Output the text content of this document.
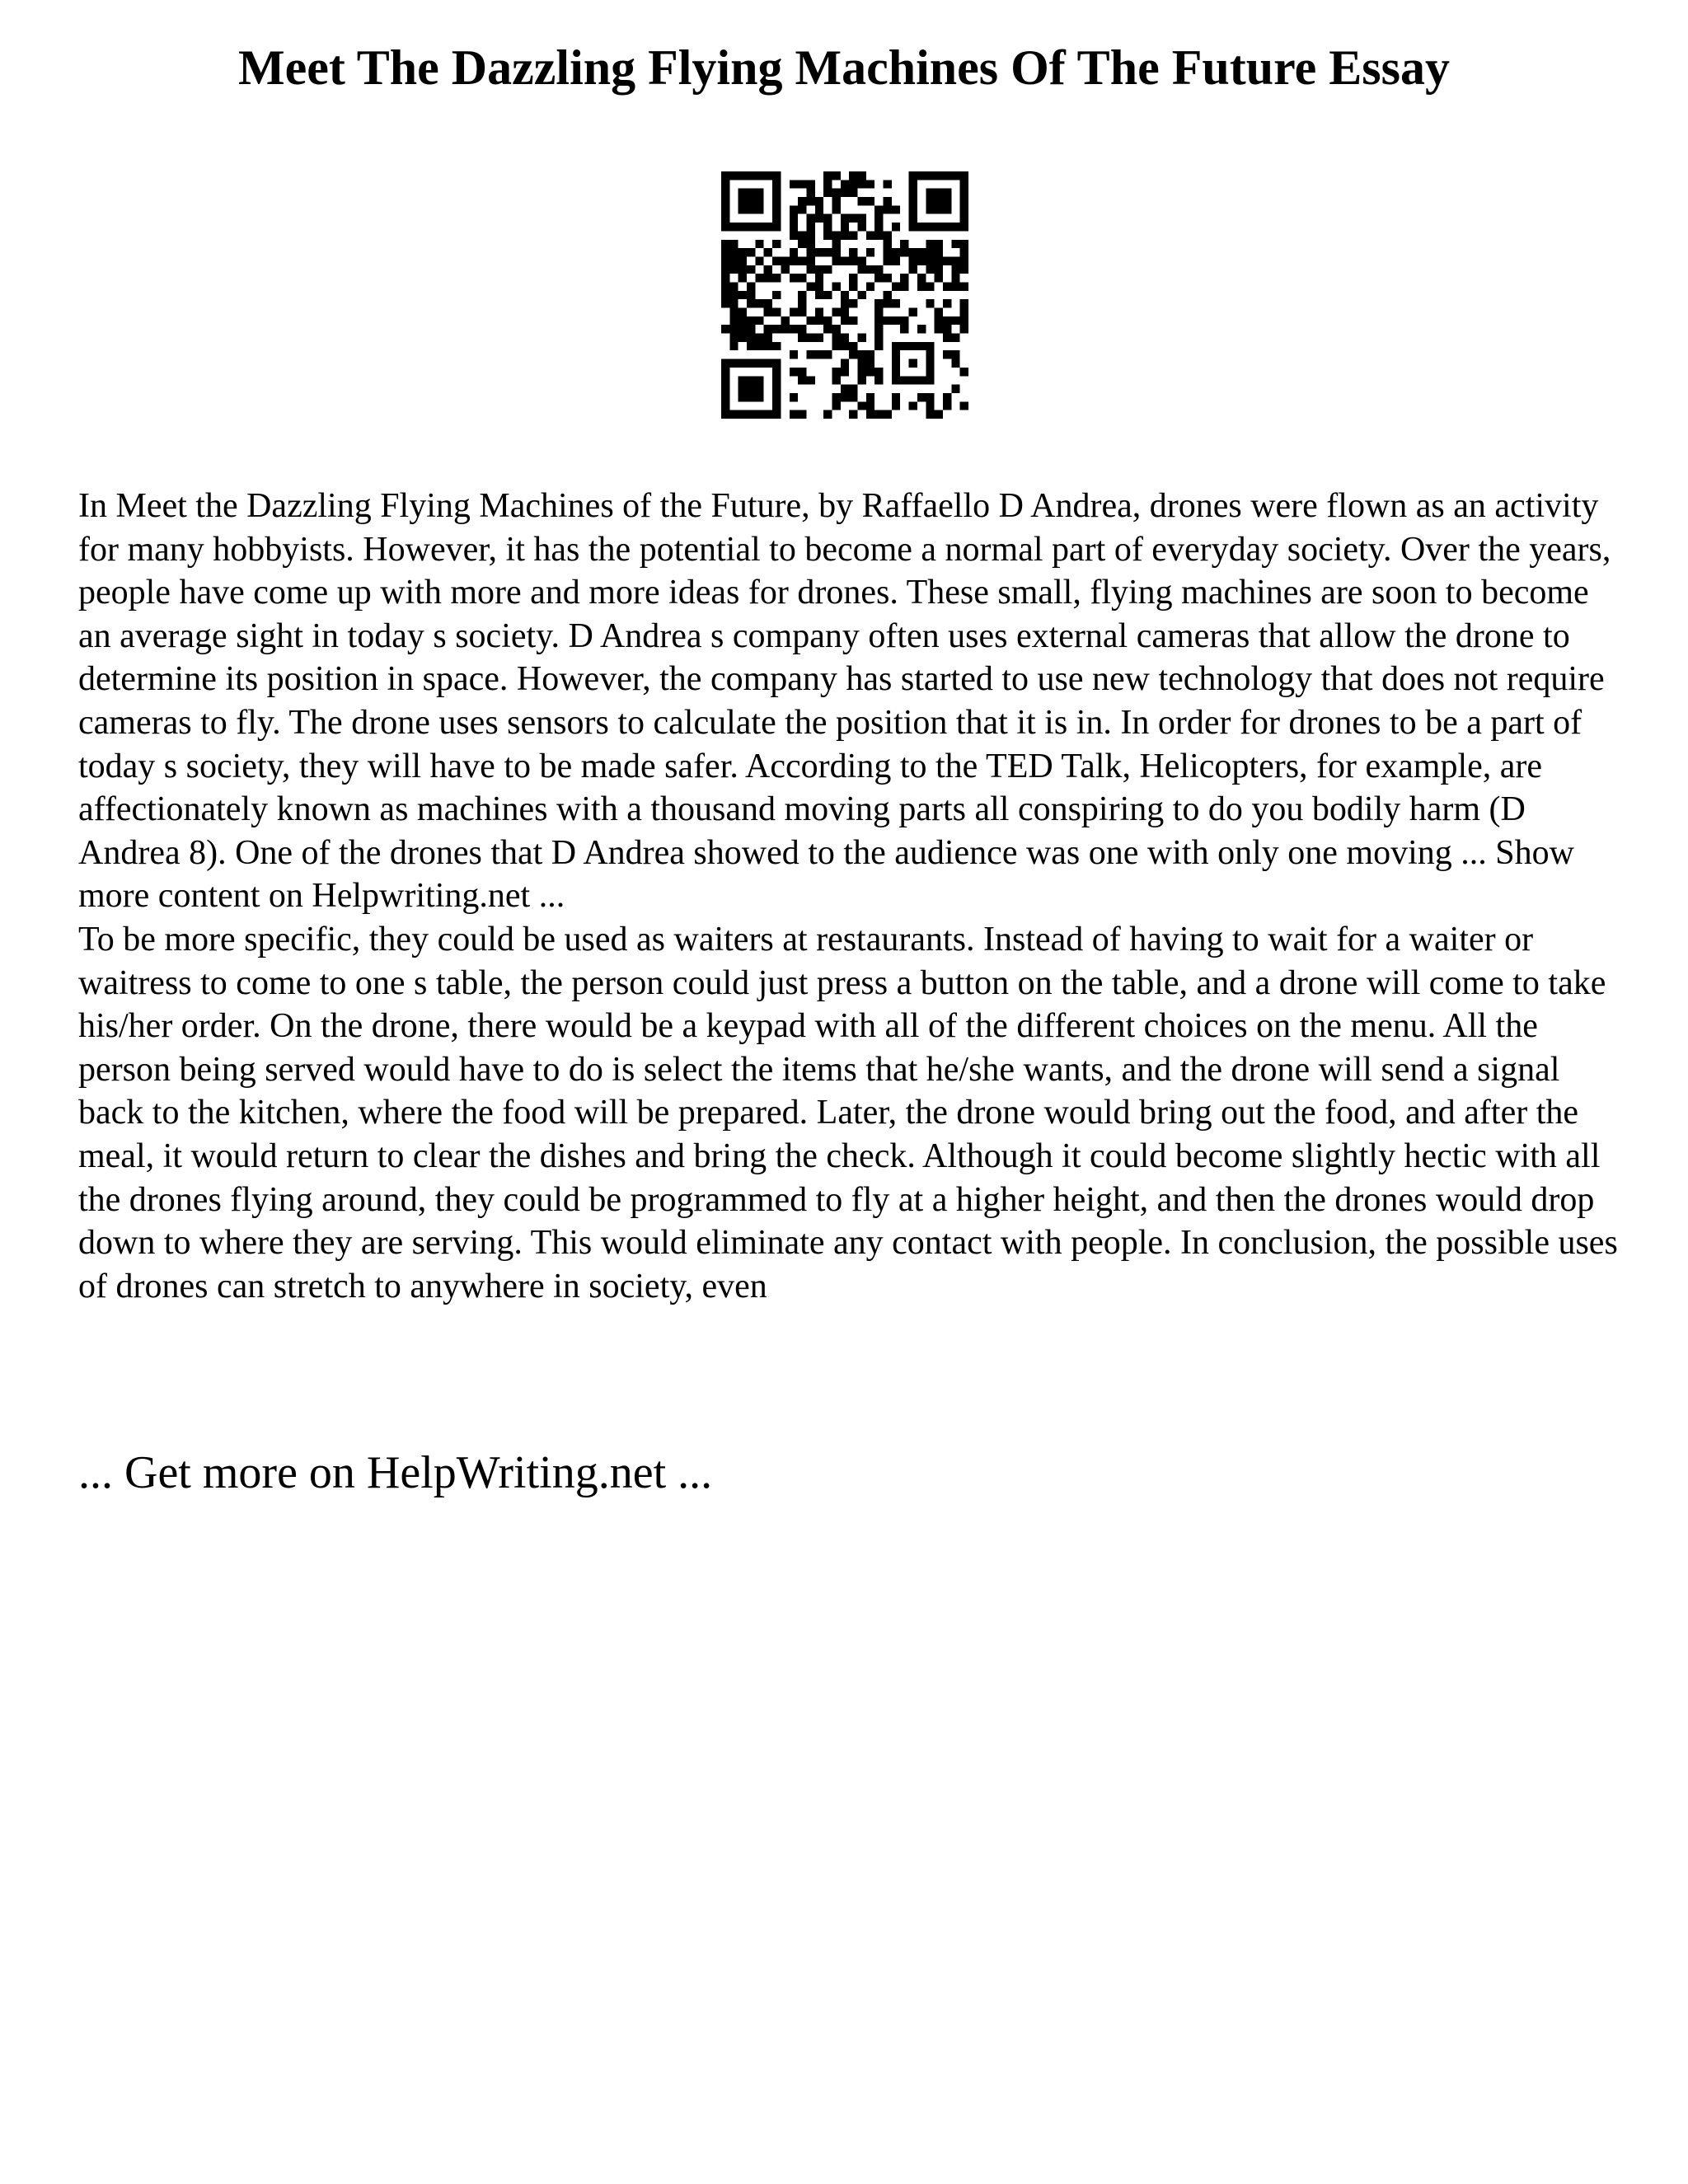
Meet The Dazzling Flying Machines Of The Future Essay

In Meet the Dazzling Flying Machines of the Future, by Raffaello D Andrea, drones were flown as an activity for many hobbyists. However, it has the potential to become a normal part of everyday society. Over the years, people have come up with more and more ideas for drones. These small, flying machines are soon to become an average sight in today s society. D Andrea s company often uses external cameras that allow the drone to determine its position in space. However, the company has started to use new technology that does not require cameras to fly. The drone uses sensors to calculate the position that it is in. In order for drones to be a part of today s society, they will have to be made safer. According to the TED Talk, Helicopters, for example, are affectionately known as machines with a thousand moving parts all conspiring to do you bodily harm (D Andrea 8). One of the drones that D Andrea showed to the audience was one with only one moving ... Show more content on Helpwriting.net ...

To be more specific, they could be used as waiters at restaurants. Instead of having to wait for a waiter or waitress to come to one s table, the person could just press a button on the table, and a drone will come to take his/her order. On the drone, there would be a keypad with all of the different choices on the menu. All the person being served would have to do is select the items that he/she wants, and the drone will send a signal back to the kitchen, where the food will be prepared. Later, the drone would bring out the food, and after the meal, it would return to clear the dishes and bring the check. Although it could become slightly hectic with all the drones flying around, they could be programmed to fly at a higher height, and then the drones would drop down to where they are serving. This would eliminate any contact with people. In conclusion, the possible uses of drones can stretch to anywhere in society, even

... Get more on HelpWriting.net ...
